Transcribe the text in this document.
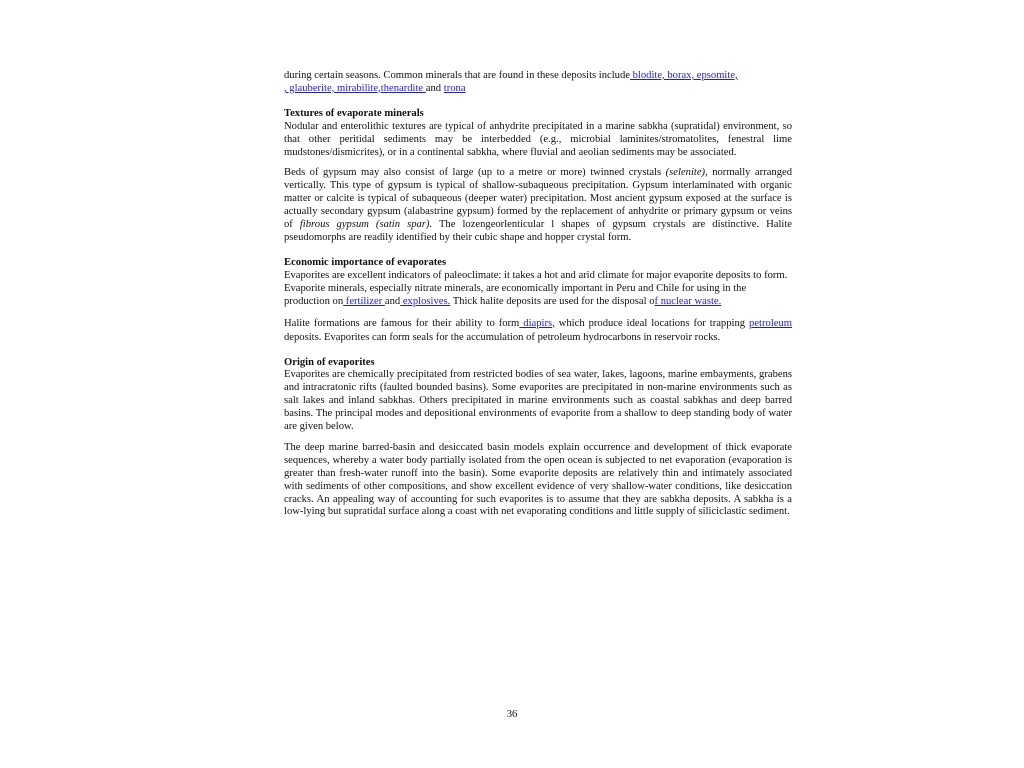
during certain seasons. Common minerals that are found in these deposits include blodite, borax, epsomite,
, glauberite, mirabilite,thenardite and trona

Textures of evaporate minerals

Nodular and enterolithic textures are typical of anhydrite precipitated in a marine sabkha (supratidal) environment, so that other peritidal sediments may be interbedded (e.g., microbial laminites/stromatolites, fenestral lime mudstones/dismicrites), or in a continental sabkha, where fluvial and aeolian sediments may be associated.

Beds of gypsum may also consist of large (up to a metre or more) twinned crystals (selenite), normally arranged vertically. This type of gypsum is typical of shallow-subaqueous precipitation. Gypsum interlaminated with organic matter or calcite is typical of subaqueous (deeper water) precipitation. Most ancient gypsum exposed at the surface is actually secondary gypsum (alabastrine gypsum) formed by the replacement of anhydrite or primary gypsum or veins of fibrous gypsum (satin spar). The lozengeorlenticular l shapes of gypsum crystals are distinctive. Halite pseudomorphs are readily identified by their cubic shape and hopper crystal form.

Economic importance of evaporates

Evaporites are excellent indicators of paleoclimate: it takes a hot and arid climate for major evaporite deposits to form. Evaporite minerals, especially nitrate minerals, are economically important in Peru and Chile for using in the production on fertilizer and explosives. Thick halite deposits are used for the disposal of nuclear waste.

Halite formations are famous for their ability to form diapirs, which produce ideal locations for trapping petroleum deposits. Evaporites can form seals for the accumulation of petroleum hydrocarbons in reservoir rocks.

Origin of evaporites

Evaporites are chemically precipitated from restricted bodies of sea water, lakes, lagoons, marine embayments, grabens and intracratonic rifts (faulted bounded basins). Some evaporites are precipitated in non-marine environments such as salt lakes and inland sabkhas. Others precipitated in marine environments such as coastal sabkhas and deep barred basins. The principal modes and depositional environments of evaporite from a shallow to deep standing body of water are given below.

The deep marine barred-basin and desiccated basin models explain occurrence and development of thick evaporate sequences, whereby a water body partially isolated from the open ocean is subjected to net evaporation (evaporation is greater than fresh-water runoff into the basin). Some evaporite deposits are relatively thin and intimately associated with sediments of other compositions, and show excellent evidence of very shallow-water conditions, like desiccation cracks. An appealing way of accounting for such evaporites is to assume that they are sabkha deposits. A sabkha is a low-lying but supratidal surface along a coast with net evaporating conditions and little supply of siliciclastic sediment.

36
